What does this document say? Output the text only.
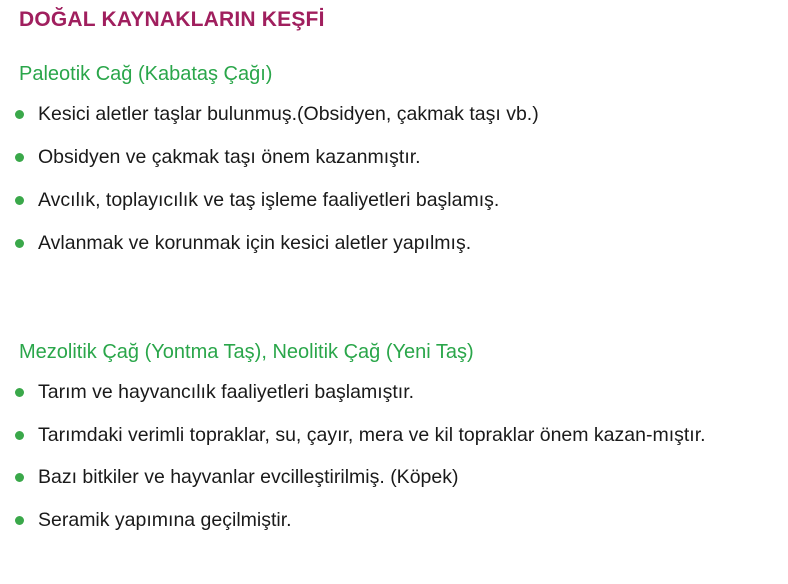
DOĞAL KAYNAKLARIN KEŞFİ
Paleotik Cağ (Kabataş Çağı)
Kesici aletler taşlar bulunmuş.(Obsidyen, çakmak taşı vb.)
Obsidyen ve çakmak taşı önem kazanmıştır.
Avcılık, toplayıcılık ve taş işleme faaliyetleri başlamış.
Avlanmak ve korunmak için kesici aletler yapılmış.
Mezolitik Çağ (Yontma Taş), Neolitik Çağ (Yeni Taş)
Tarım ve hayvancılık faaliyetleri başlamıştır.
Tarımdaki verimli topraklar, su, çayır, mera ve kil topraklar önem kazan-mıştır.
Bazı bitkiler ve hayvanlar evcilleştirilmiş. (Köpek)
Seramik yapımına geçilmiştir.
